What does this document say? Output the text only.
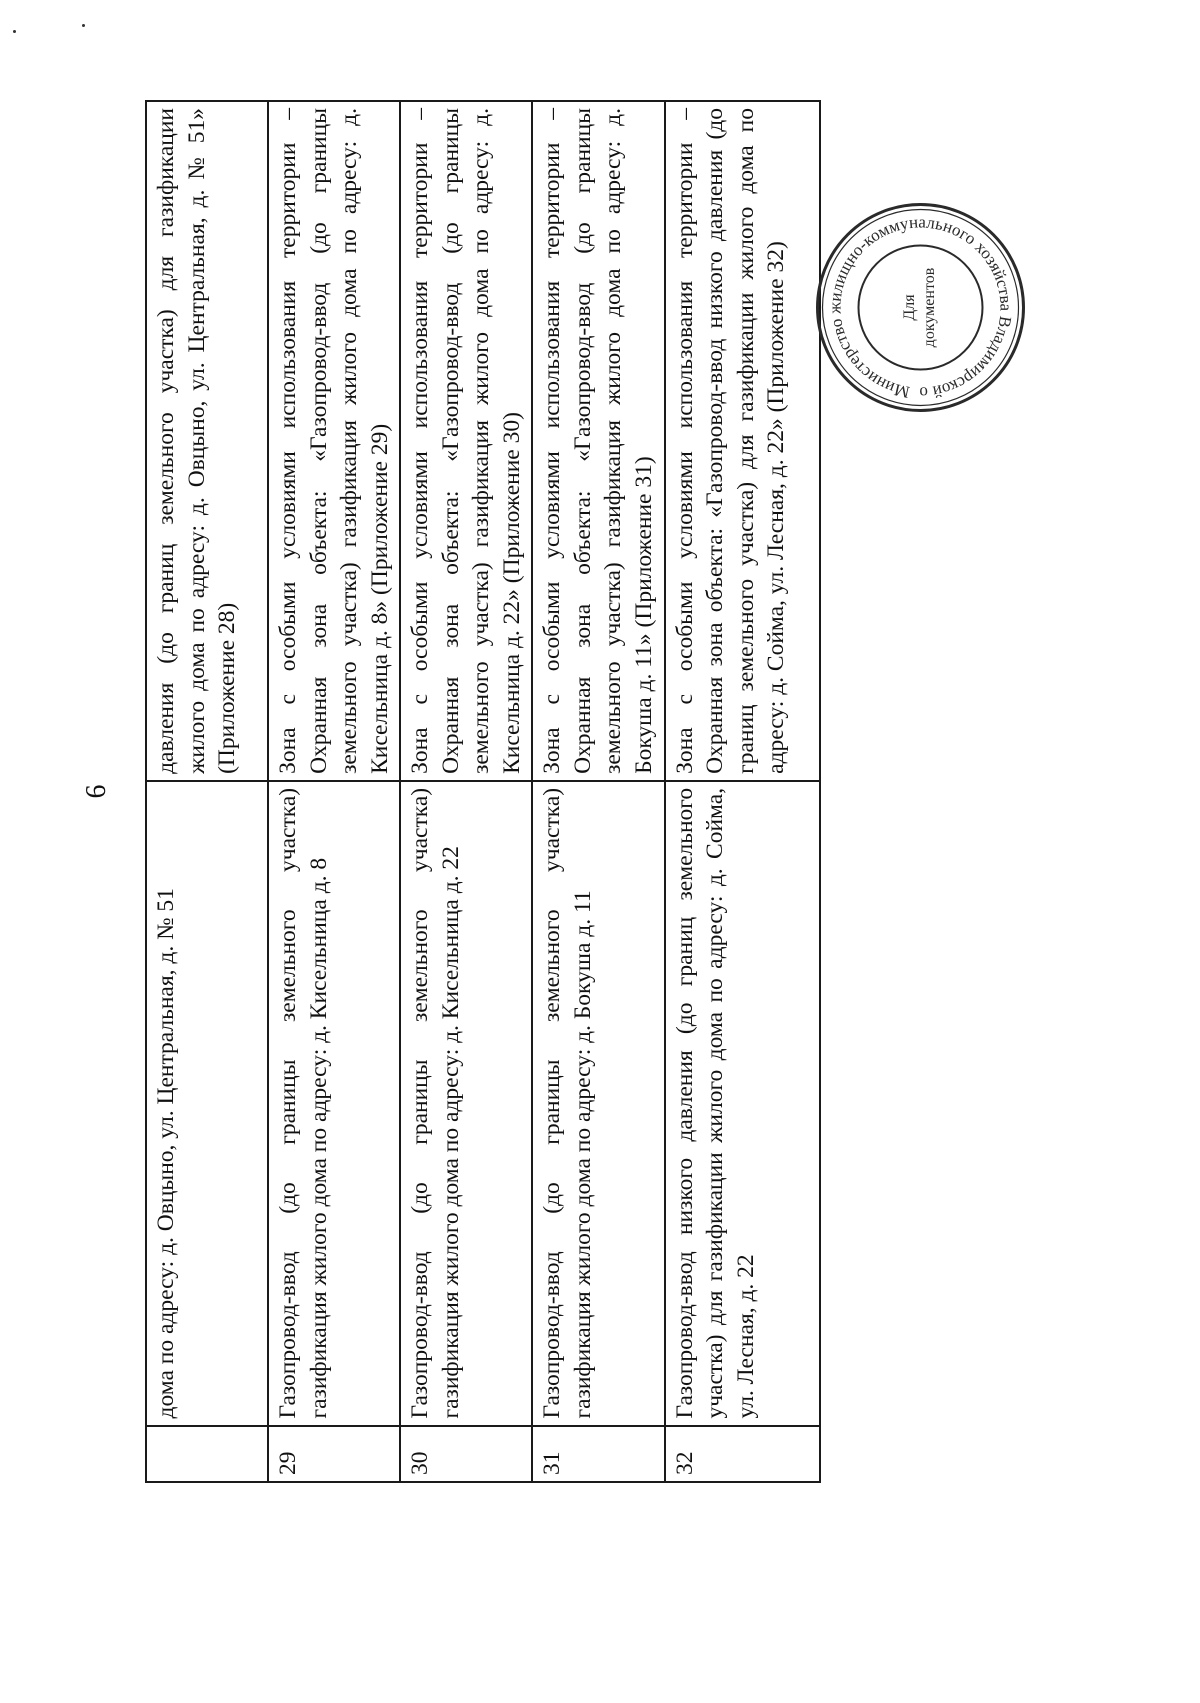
6
	дома по адресу: д. Овцыно, ул. Центральная, д. № 51	давления (до границ земельного участка) для газификации жилого дома по адресу: д. Овцыно, ул. Центральная, д. № 51» (Приложение 28)
29	Газопровод-ввод (до границы земельного участка) газификация жилого дома по адресу: д. Кисельница д. 8	Зона с особыми условиями использования территории – Охранная зона объекта: «Газопровод-ввод (до границы земельного участка) газификация жилого дома по адресу: д. Кисельница д. 8» (Приложение 29)
30	Газопровод-ввод (до границы земельного участка) газификация жилого дома по адресу: д. Кисельница д. 22	Зона с особыми условиями использования территории – Охранная зона объекта: «Газопровод-ввод (до границы земельного участка) газификация жилого дома по адресу: д. Кисельница д. 22» (Приложение 30)
31	Газопровод-ввод (до границы земельного участка) газификация жилого дома по адресу: д. Бокуша д. 11	Зона с особыми условиями использования территории – Охранная зона объекта: «Газопровод-ввод (до границы земельного участка) газификация жилого дома по адресу: д. Бокуша д. 11» (Приложение 31)
32	Газопровод-ввод низкого давления (до границ земельного участка) для газификации жилого дома по адресу: д. Сойма, ул. Лесная, д. 22	Зона с особыми условиями использования территории – Охранная зона объекта: «Газопровод-ввод низкого давления (до границ земельного участка) для газификации жилого дома по адресу: д. Сойма, ул. Лесная, д. 22» (Приложение 32)	Министерство жилищно-коммунального хозяйства Владимирской о
Для документов
